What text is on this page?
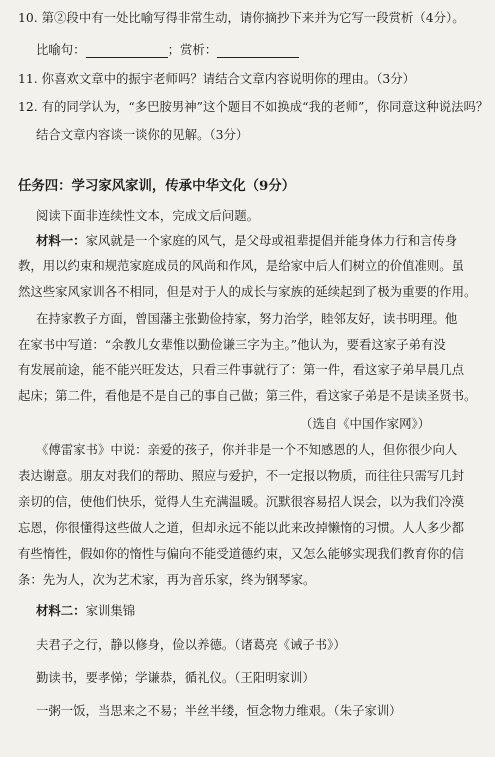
10. 第②段中有一处比喻写得非常生动，请你摘抄下来并为它写一段赏析（4分）。
比喻句：	；赏析：
11. 你喜欢文章中的振宇老师吗？请结合文章内容说明你的理由。（3分）
12. 有的同学认为，“多巴胺男神”这个题目不如换成“我的老师”，你同意这种说法吗？
结合文章内容谈一谈你的见解。（3分）
任务四：学习家风家训，传承中华文化（9分）
阅读下面非连续性文本，完成文后问题。
材料一：家风就是一个家庭的风气，是父母或祖辈提倡并能身体力行和言传身
教，用以约束和规范家庭成员的风尚和作风，是给家中后人们树立的价值准则。虽
然这些家风家训各不相同，但是对于人的成长与家族的延续起到了极为重要的作用。
在持家教子方面，曾国藩主张勤俭持家，努力治学，睦邻友好，读书明理。他
在家书中写道：“余教儿女辈惟以勤俭谦三字为主。”他认为，要看这家子弟有没
有发展前途，能不能兴旺发达，只看三件事就行了：第一件，看这家子弟早晨几点
起床；第二件，看他是不是自己的事自己做；第三件，看这家子弟是不是读圣贤书。
（选自《中国作家网》）
《傅雷家书》中说：亲爱的孩子，你并非是一个不知感恩的人，但你很少向人
表达谢意。朋友对我们的帮助、照应与爱护，不一定报以物质，而往往只需写几封
亲切的信，使他们快乐，觉得人生充满温暖。沉默很容易招人误会，以为我们冷漠
忘恩，你很懂得这些做人之道，但却永远不能以此来改掉懒惰的习惯。人人多少都
有些惰性，假如你的惰性与偏向不能受道德约束，又怎么能够实现我们教育你的信
条：先为人，次为艺术家，再为音乐家，终为钢琴家。
材料二：家训集锦
夫君子之行，静以修身，俭以养德。（诸葛亮《诫子书》）
勤读书，要孝悌；学谦恭，循礼仪。（王阳明家训）
一粥一饭，当思来之不易；半丝半缕，恒念物力维艰。（朱子家训）
